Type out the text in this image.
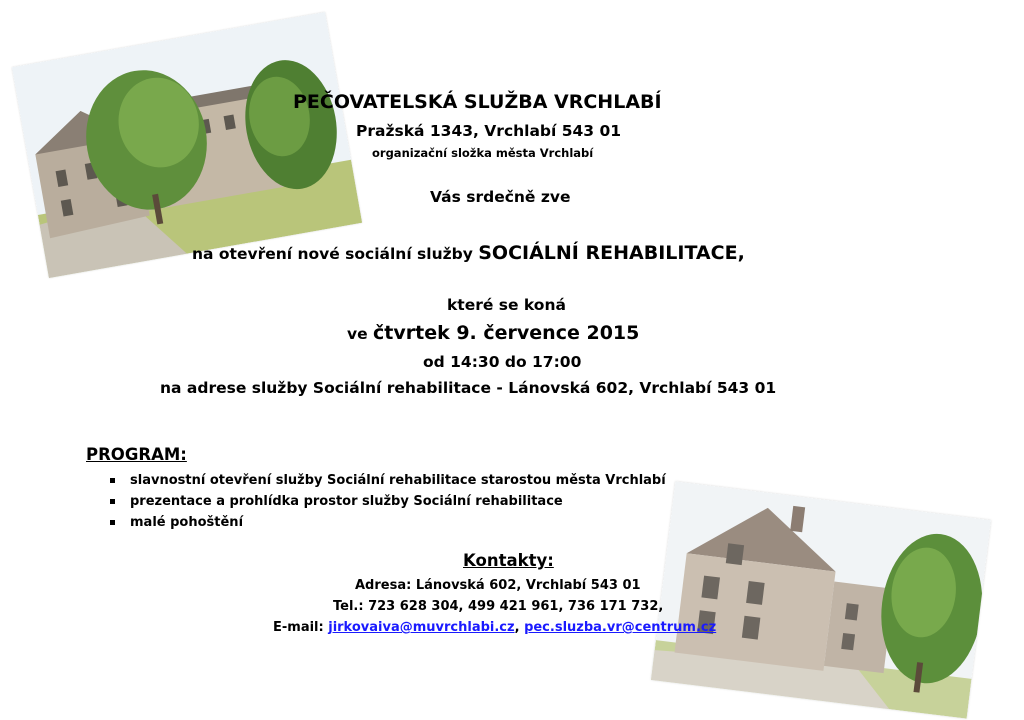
PEČOVATELSKÁ SLUŽBA VRCHLABÍ
Pražská 1343, Vrchlabí 543 01
organizační složka města Vrchlabí
Vás srdečně zve
na otevření nové sociální služby SOCIÁLNÍ REHABILITACE,
které se koná
ve čtvrtek 9. července 2015
od 14:30 do 17:00
na adrese služby Sociální rehabilitace - Lánovská 602, Vrchlabí 543 01
PROGRAM:
slavnostní otevření služby Sociální rehabilitace starostou města Vrchlabí
prezentace a prohlídka prostor služby Sociální rehabilitace
malé pohoštění
Kontakty:
Adresa: Lánovská 602, Vrchlabí 543 01
Tel.: 723 628 304, 499 421 961, 736 171 732,
E-mail: jirkovaiva@muvrchlabi.cz, pec.sluzba.vr@centrum.cz
